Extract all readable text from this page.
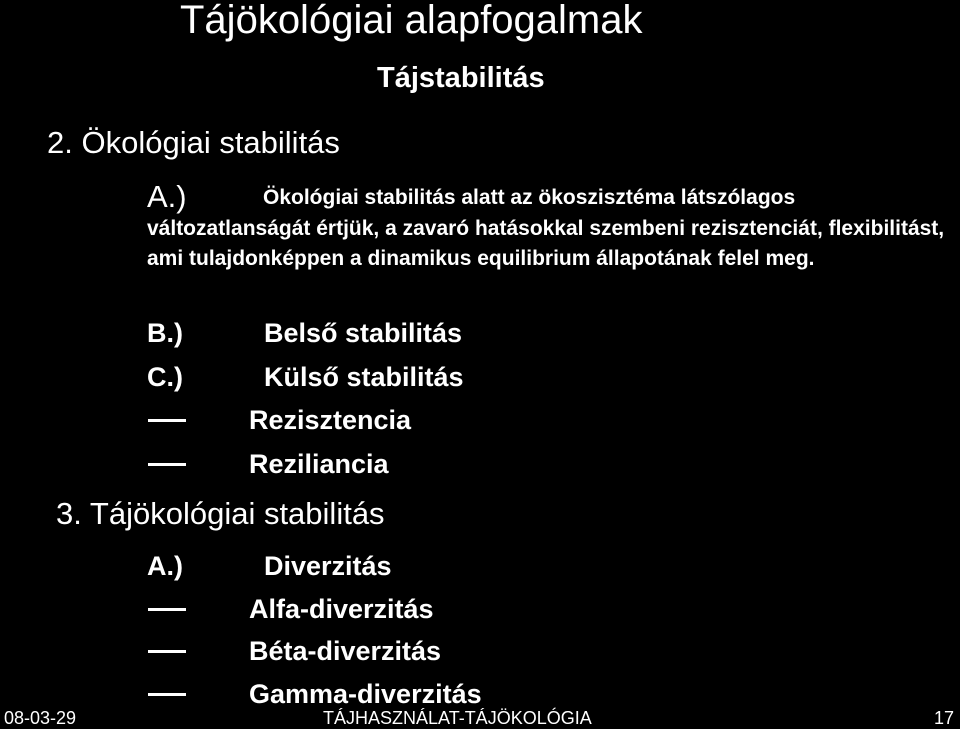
Tájökológiai alapfogalmak
Tájstabilitás
2. Ökológiai stabilitás
A.)	Ökológiai stabilitás alatt az ökoszisztéma látszólagos
változatlanságát értjük, a zavaró hatásokkal szembeni rezisztenciát, flexibilitást, ami tulajdonképpen a dinamikus equilibrium állapotának felel meg.
B.)	Belső stabilitás
C.)	Külső stabilitás
Rezisztencia
Reziliancia
3. Tájökológiai stabilitás
A.)	Diverzitás
Alfa-diverzitás
Béta-diverzitás
Gamma-diverzitás
08-03-29	TÁJHASZNÁLAT-TÁJÖKOLÓGIA	17
